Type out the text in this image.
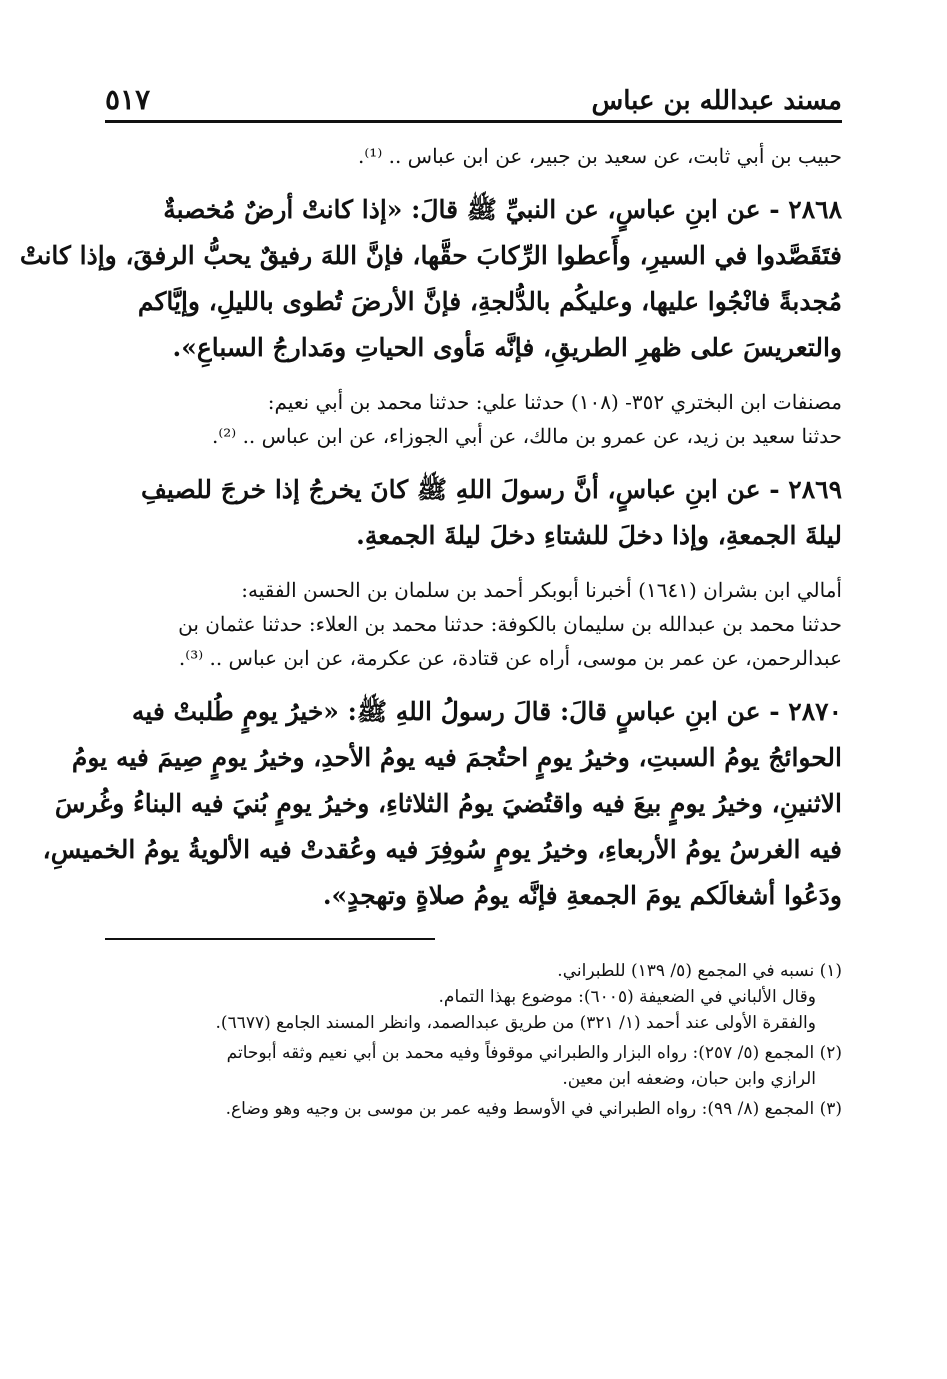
مسند عبدالله بن عباس
٥١٧
حبيب بن أبي ثابت، عن سعيد بن جبير، عن ابن عباس .. ⁽¹⁾.
٢٨٦٨ - عن ابنِ عباسٍ، عن النبيِّ ﷺ قالَ: «إذا كانتْ أرضٌ مُخصبةٌ
فتَقَصَّدوا في السيرِ، وأَعطوا الرِّكابَ حقَّها، فإنَّ اللهَ رفيقٌ يحبُّ الرفقَ، وإذا كانتْ
مُجدبةً فانْجُوا عليها، وعليكُم بالدُّلجةِ، فإنَّ الأرضَ تُطوى بالليلِ، وإيَّاكم
والتعريسَ على ظهرِ الطريقِ، فإنَّه مَأوى الحياتِ ومَدارجُ السباعِ».
مصنفات ابن البختري ٣٥٢- (١٠٨) حدثنا علي: حدثنا محمد بن أبي نعيم:
حدثنا سعيد بن زيد، عن عمرو بن مالك، عن أبي الجوزاء، عن ابن عباس .. ⁽²⁾.
٢٨٦٩ - عن ابنِ عباسٍ، أنَّ رسولَ اللهِ ﷺ كانَ يخرجُ إذا خرجَ للصيفِ
ليلةَ الجمعةِ، وإذا دخلَ للشتاءِ دخلَ ليلةَ الجمعةِ.
أمالي ابن بشران (١٦٤١) أخبرنا أبوبكر أحمد بن سلمان بن الحسن الفقيه:
حدثنا محمد بن عبدالله بن سليمان بالكوفة: حدثنا محمد بن العلاء: حدثنا عثمان بن
عبدالرحمن، عن عمر بن موسى، أراه عن قتادة، عن عكرمة، عن ابن عباس .. ⁽³⁾.
٢٨٧٠ - عن ابنِ عباسٍ قالَ: قالَ رسولُ اللهِ ﷺ: «خيرُ يومٍ طُلبتْ فيه
الحوائجُ يومُ السبتِ، وخيرُ يومٍ احتُجمَ فيه يومُ الأحدِ، وخيرُ يومٍ صِيمَ فيه يومُ
الاثنينِ، وخيرُ يومٍ بيعَ فيه واقتُضيَ يومُ الثلاثاءِ، وخيرُ يومٍ بُنيَ فيه البناءُ وغُرسَ
فيه الغرسُ يومُ الأربعاءِ، وخيرُ يومٍ سُوفِرَ فيه وعُقدتْ فيه الألويةُ يومُ الخميسِ،
ودَعُوا أشغالَكم يومَ الجمعةِ فإنَّه يومُ صلاةٍ وتهجدٍ».
(١) نسبه في المجمع (٥/ ١٣٩) للطبراني.
وقال الألباني في الضعيفة (٦٠٠٥): موضوع بهذا التمام.
والفقرة الأولى عند أحمد (١/ ٣٢١) من طريق عبدالصمد، وانظر المسند الجامع (٦٦٧٧).
(٢) المجمع (٥/ ٢٥٧): رواه البزار والطبراني موقوفاً وفيه محمد بن أبي نعيم وثقه أبوحاتم
الرازي وابن حبان، وضعفه ابن معين.
(٣) المجمع (٨/ ٩٩): رواه الطبراني في الأوسط وفيه عمر بن موسى بن وجيه وهو وضاع.
